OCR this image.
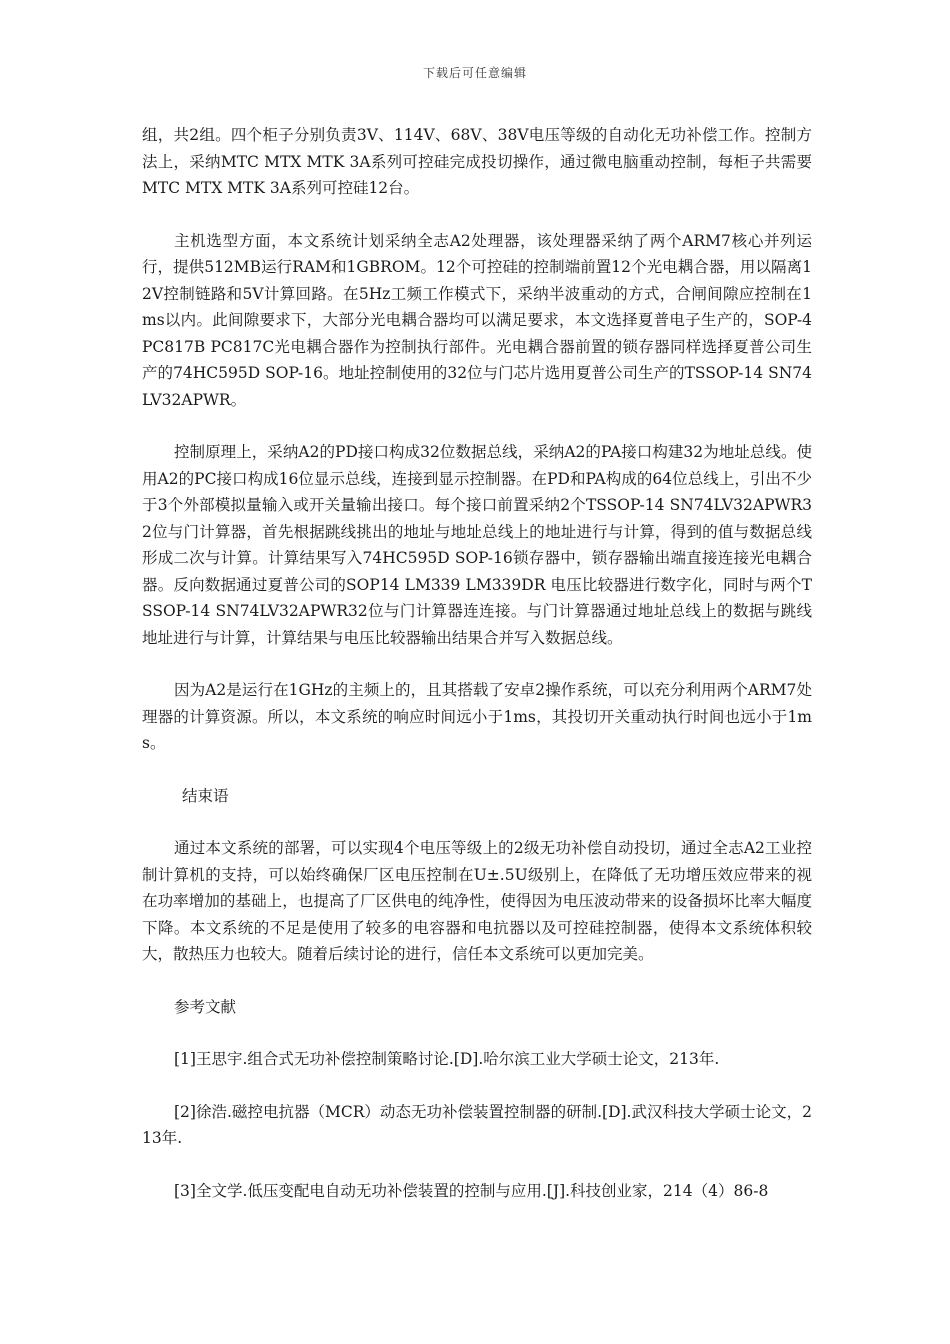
下载后可任意编辑

组，共2组。四个柜子分别负责3V、114V、68V、38V电压等级的自动化无功补偿工作。控制方法上，采纳MTC MTX MTK 3A系列可控硅完成投切操作，通过微电脑重动控制，每柜子共需要MTC MTX MTK 3A系列可控硅12台。

主机选型方面，本文系统计划采纳全志A2处理器，该处理器采纳了两个ARM7核心并列运行，提供512MB运行RAM和1GBROM。12个可控硅的控制端前置12个光电耦合器，用以隔离12V控制链路和5V计算回路。在5Hz工频工作模式下，采纳半波重动的方式，合闸间隙应控制在1ms以内。此间隙要求下，大部分光电耦合器均可以满足要求，本文选择夏普电子生产的，SOP-4 PC817B PC817C光电耦合器作为控制执行部件。光电耦合器前置的锁存器同样选择夏普公司生产的74HC595D SOP-16。地址控制使用的32位与门芯片选用夏普公司生产的TSSOP-14 SN74LV32APWR。

控制原理上，采纳A2的PD接口构成32位数据总线，采纳A2的PA接口构建32为地址总线。使用A2的PC接口构成16位显示总线，连接到显示控制器。在PD和PA构成的64位总线上，引出不少于3个外部模拟量输入或开关量输出接口。每个接口前置采纳2个TSSOP-14 SN74LV32APWR32位与门计算器，首先根据跳线挑出的地址与地址总线上的地址进行与计算，得到的值与数据总线形成二次与计算。计算结果写入74HC595D SOP-16锁存器中，锁存器输出端直接连接光电耦合器。反向数据通过夏普公司的SOP14 LM339 LM339DR 电压比较器进行数字化，同时与两个TSSOP-14 SN74LV32APWR32位与门计算器连连接。与门计算器通过地址总线上的数据与跳线地址进行与计算，计算结果与电压比较器输出结果合并写入数据总线。

因为A2是运行在1GHz的主频上的，且其搭载了安卓2操作系统，可以充分利用两个ARM7处理器的计算资源。所以，本文系统的响应时间远小于1ms，其投切开关重动执行时间也远小于1ms。

结束语

通过本文系统的部署，可以实现4个电压等级上的2级无功补偿自动投切，通过全志A2工业控制计算机的支持，可以始终确保厂区电压控制在U±.5U级别上，在降低了无功增压效应带来的视在功率增加的基础上，也提高了厂区供电的纯净性，使得因为电压波动带来的设备损坏比率大幅度下降。本文系统的不足是使用了较多的电容器和电抗器以及可控硅控制器，使得本文系统体积较大，散热压力也较大。随着后续讨论的进行，信任本文系统可以更加完美。

参考文献

[1]王思宇.组合式无功补偿控制策略讨论.[D].哈尔滨工业大学硕士论文，213年.

[2]徐浩.磁控电抗器（MCR）动态无功补偿装置控制器的研制.[D].武汉科技大学硕士论文，213年.

[3]全文学.低压变配电自动无功补偿装置的控制与应用.[J].科技创业家，214（4）86-8
